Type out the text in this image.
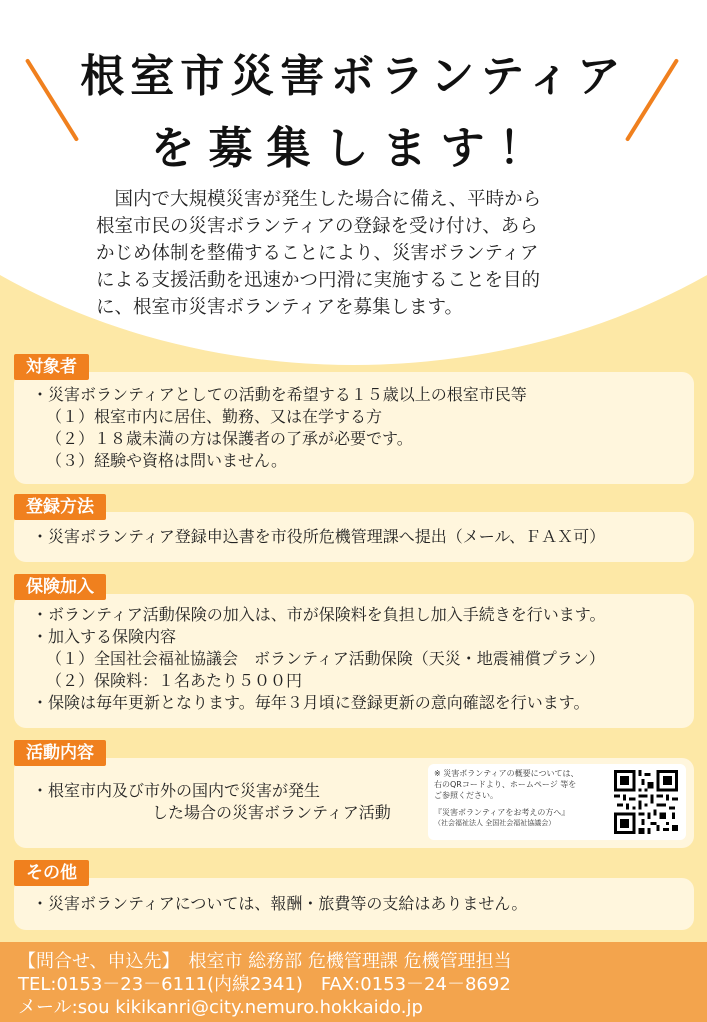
根室市災害ボランティア
を募集します！
国内で大規模災害が発生した場合に備え、平時から
根室市民の災害ボランティアの登録を受け付け、あら
かじめ体制を整備することにより、災害ボランティア
による支援活動を迅速かつ円滑に実施することを目的
に、根室市災害ボランティアを募集します。
対象者

・災害ボランティアとしての活動を希望する１５歳以上の根室市民等

（１）根室市内に居住、勤務、又は在学する方

（２）１８歳未満の方は保護者の了承が必要です。

（３）経験や資格は問いません。

登録方法

・災害ボランティア登録申込書を市役所危機管理課へ提出（メール、ＦＡＸ可）

保険加入

・ボランティア活動保険の加入は、市が保険料を負担し加入手続きを行います。

・加入する保険内容

（１）全国社会福祉協議会　ボランティア活動保険（天災・地震補償プラン）

（２）保険料：１名あたり５００円

・保険は毎年更新となります。毎年３月頃に登録更新の意向確認を行います。

活動内容

・根室市内及び市外の国内で災害が発生

した場合の災害ボランティア活動

※ 災害ボランティアの概要については、

右のQRコードより、ホームページ 等を

ご参照ください。

『災害ボランティアをお考えの方へ』

（社会福祉法人 全国社会福祉協議会）

その他

・災害ボランティアについては、報酬・旅費等の支給はありません。

【問合せ、申込先】　根室市 総務部 危機管理課 危機管理担当

TEL:0153－23－6111(内線2341)　FAX:0153－24－8692

メール:sou kikikanri@city.nemuro.hokkaido.jp
